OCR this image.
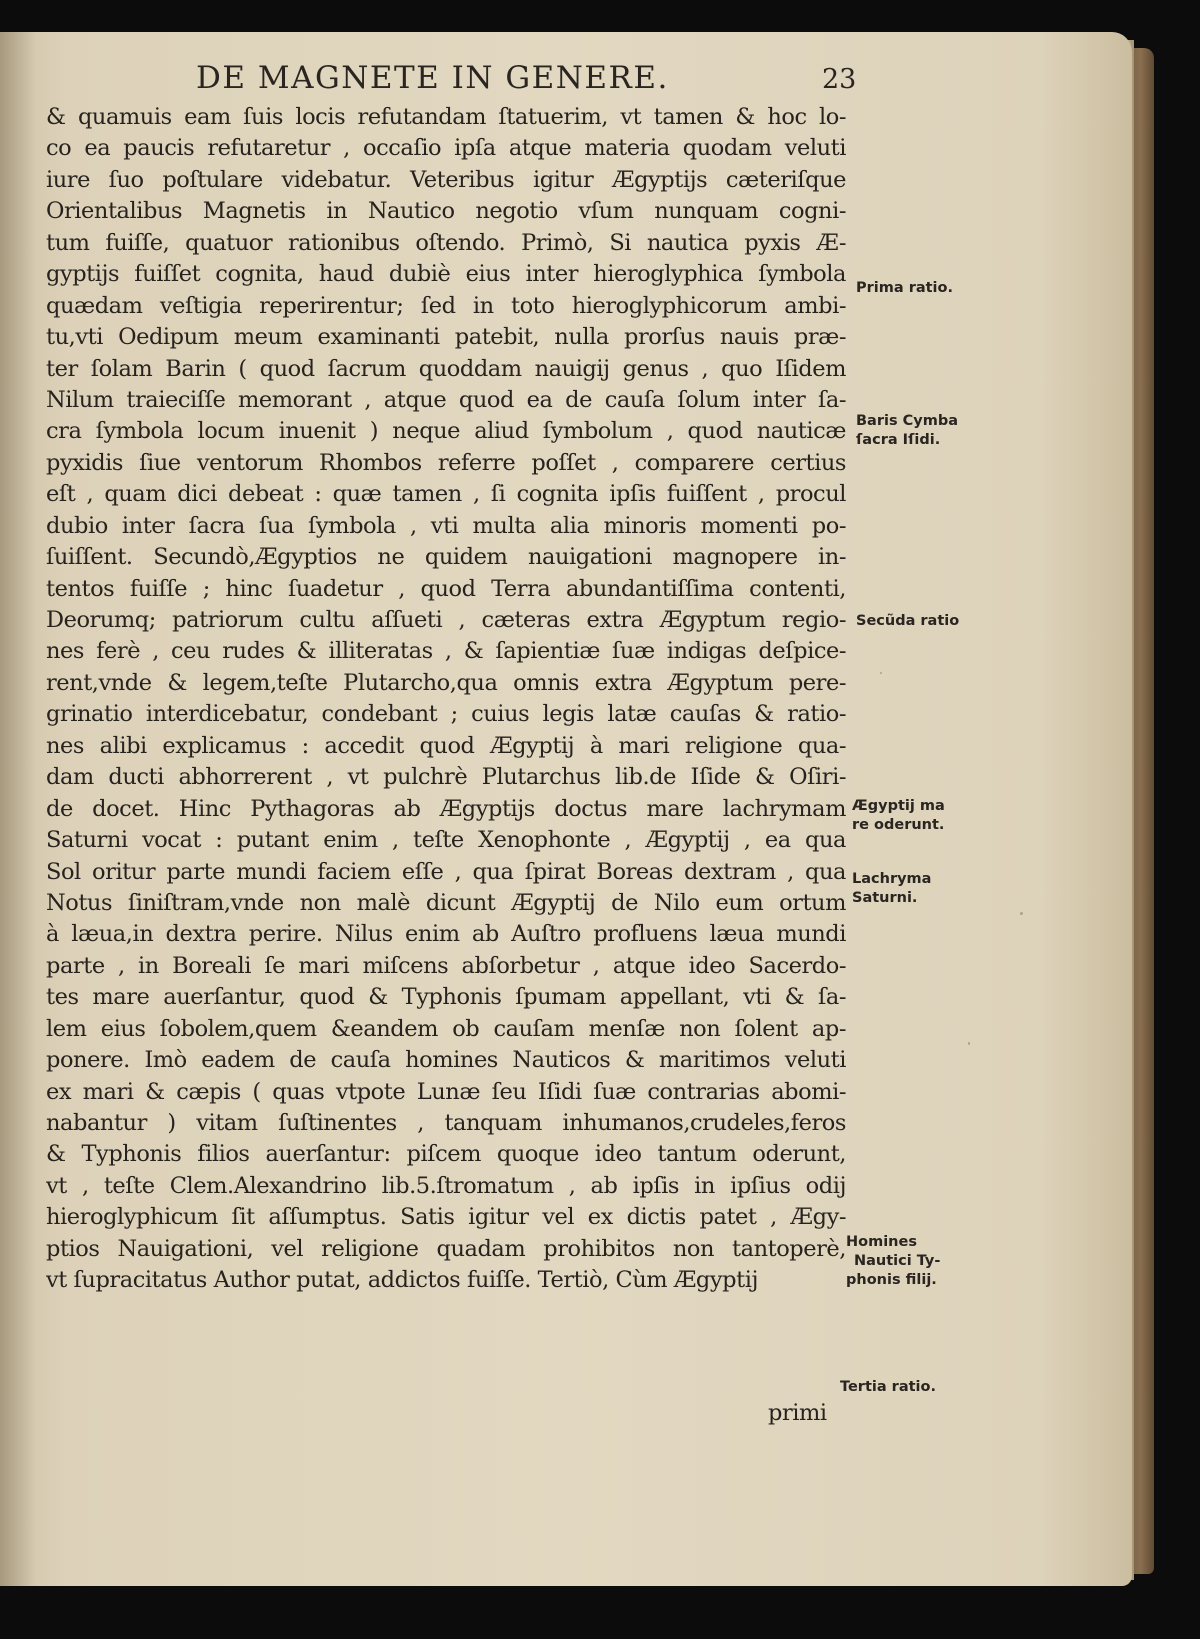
DE MAGNETE IN GENERE.	23
& quamuis eam ſuis locis refutandam ſtatuerim, vt tamen & hoc lo-
co ea paucis refutaretur , occaſio ipſa atque materia quodam veluti
iure ſuo poſtulare videbatur. Veteribus igitur Ægyptijs cæteriſque
Orientalibus Magnetis in Nautico negotio vſum nunquam cogni-
tum fuiſſe, quatuor rationibus oſtendo. Primò, Si nautica pyxis Æ-
gyptijs fuiſſet cognita, haud dubiè eius inter hieroglyphica ſymbola
quædam veſtigia reperirentur; ſed in toto hieroglyphicorum ambi-
tu,vti Oedipum meum examinanti patebit, nulla prorſus nauis præ-
ter ſolam Barin ( quod ſacrum quoddam nauigij genus , quo Iſidem
Nilum traieciſſe memorant , atque quod ea de cauſa ſolum inter ſa-
cra ſymbola locum inuenit ) neque aliud ſymbolum , quod nauticæ
pyxidis ſiue ventorum Rhombos referre poſſet , comparere certius
eſt , quam dici debeat : quæ tamen , ſi cognita ipſis fuiſſent , procul
dubio inter ſacra ſua ſymbola , vti multa alia minoris momenti po-
ſuiſſent. Secundò,Ægyptios ne quidem nauigationi magnopere in-
tentos fuiſſe ; hinc ſuadetur , quod Terra abundantiſſima contenti,
Deorumq; patriorum cultu aſſueti , cæteras extra Ægyptum regio-
nes ferè , ceu rudes & illiteratas , & ſapientiæ ſuæ indigas deſpice-
rent,vnde & legem,teſte Plutarcho,qua omnis extra Ægyptum pere-
grinatio interdicebatur, condebant ; cuius legis latæ cauſas & ratio-
nes alibi explicamus : accedit quod Ægyptij à mari religione qua-
dam ducti abhorrerent , vt pulchrè Plutarchus lib.de Iſide & Oſiri-
de docet. Hinc Pythagoras ab Ægyptijs doctus mare lachrymam
Saturni vocat : putant enim , teſte Xenophonte , Ægyptij , ea qua
Sol oritur parte mundi faciem eſſe , qua ſpirat Boreas dextram , qua
Notus ſiniſtram,vnde non malè dicunt Ægyptij de Nilo eum ortum
à læua,in dextra perire. Nilus enim ab Auſtro profluens læua mundi
parte , in Boreali ſe mari miſcens abſorbetur , atque ideo Sacerdo-
tes mare auerſantur, quod & Typhonis ſpumam appellant, vti & ſa-
lem eius ſobolem,quem &eandem ob cauſam menſæ non ſolent ap-
ponere. Imò eadem de cauſa homines Nauticos & maritimos veluti
ex mari & cæpis ( quas vtpote Lunæ ſeu Iſidi ſuæ contrarias abomi-
nabantur ) vitam ſuſtinentes , tanquam inhumanos,crudeles,feros
& Typhonis filios auerſantur: piſcem quoque ideo tantum oderunt,
vt , teſte Clem.Alexandrino lib.5.ſtromatum , ab ipſis in ipſius odij
hieroglyphicum ſit aſſumptus. Satis igitur vel ex dictis patet , Ægy-
ptios Nauigationi, vel religione quadam prohibitos non tantoperè,
vt ſupracitatus Author putat, addictos fuiſſe. Tertiò, Cùm Ægyptij
primi
Prima ratio.
Baris Cymba
ſacra Iſidi.
Secũda ratio
Ægyptij ma
re oderunt.
Lachryma
Saturni.
Homines
Nautici Ty-
phonis filij.
Tertia ratio.
